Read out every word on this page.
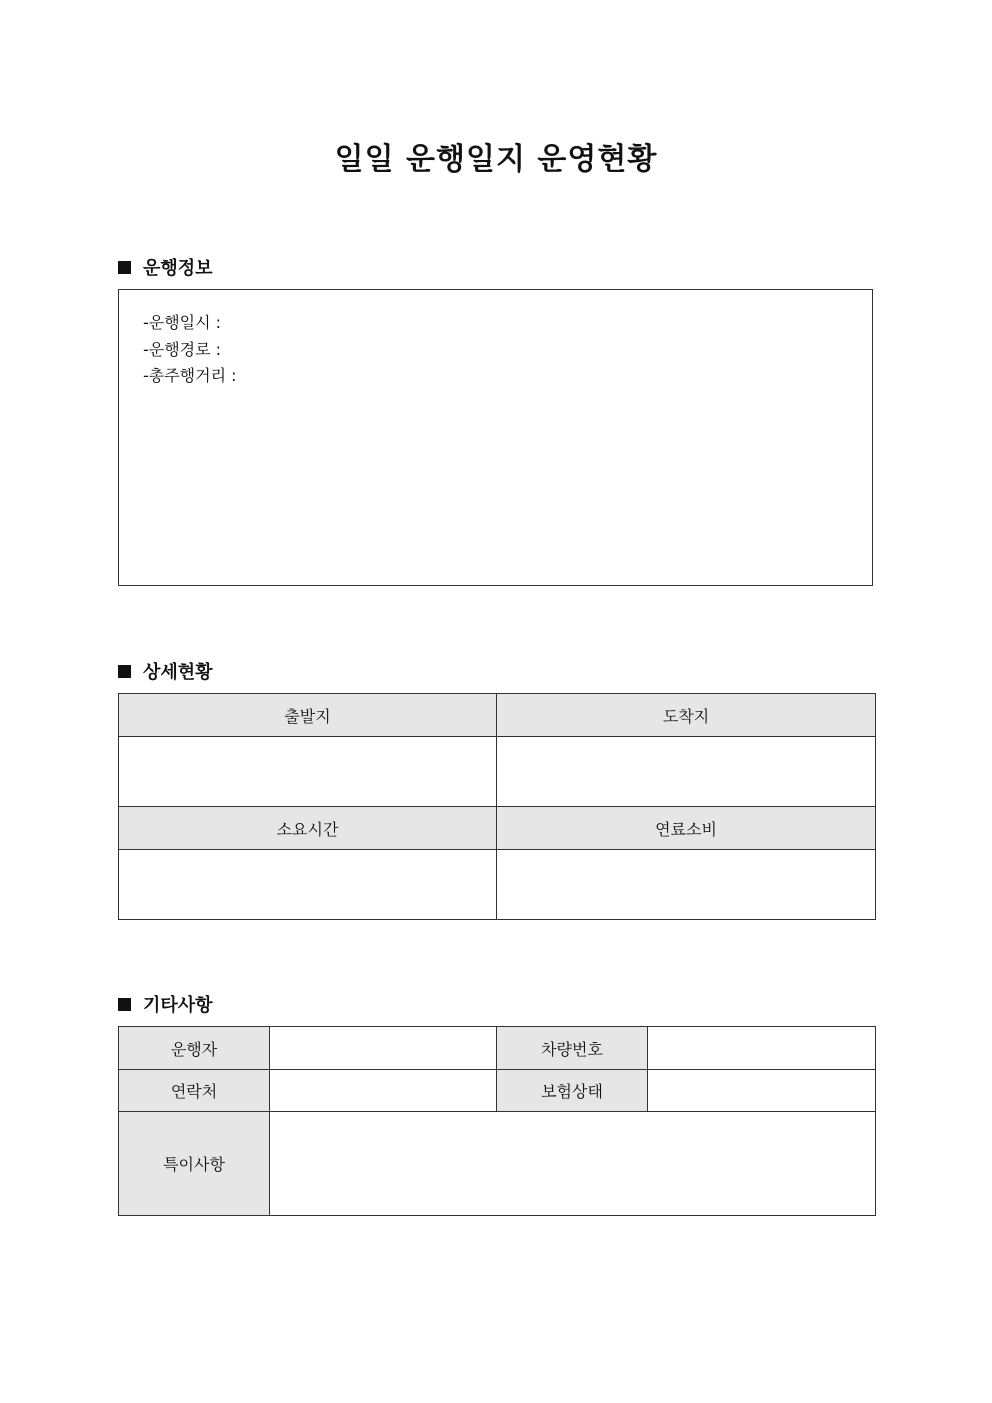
일일 운행일지 운영현황
운행정보
-운행일시 :
-운행경로 :
-총주행거리 :
상세현황
출발지	도착지

소요시간	연료소비

기타사항
운행자		차량번호	
연락처		보험상태	
특이사항			
